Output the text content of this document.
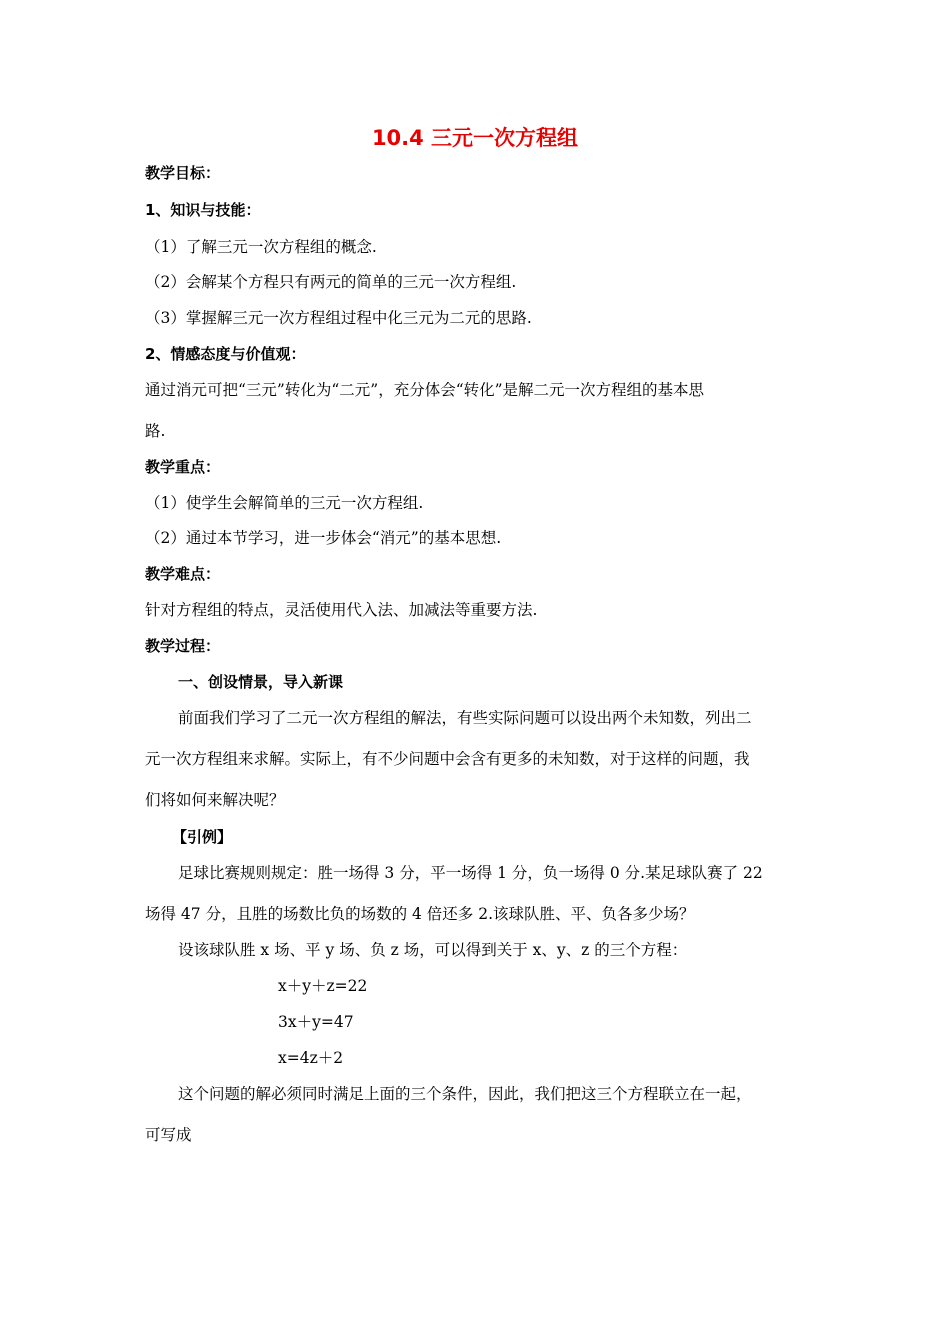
10.4 三元一次方程组
教学目标：
1、知识与技能：
（1）了解三元一次方程组的概念.
（2）会解某个方程只有两元的简单的三元一次方程组.
（3）掌握解三元一次方程组过程中化三元为二元的思路.
2、情感态度与价值观：
通过消元可把“三元”转化为“二元”，充分体会“转化”是解二元一次方程组的基本思
路.
教学重点：
（1）使学生会解简单的三元一次方程组.
（2）通过本节学习，进一步体会“消元”的基本思想.
教学难点：
针对方程组的特点，灵活使用代入法、加减法等重要方法.
教学过程：
一、创设情景，导入新课
前面我们学习了二元一次方程组的解法，有些实际问题可以设出两个未知数，列出二
元一次方程组来求解。实际上，有不少问题中会含有更多的未知数，对于这样的问题，我
们将如何来解决呢？
【引例】
足球比赛规则规定：胜一场得 3 分，平一场得 1 分，负一场得 0 分.某足球队赛了 22
场得 47 分，且胜的场数比负的场数的 4 倍还多 2.该球队胜、平、负各多少场？
设该球队胜 x 场、平 y 场、负 z 场，可以得到关于 x、y、z 的三个方程：
x＋y＋z=22
3x＋y=47
x=4z＋2
这个问题的解必须同时满足上面的三个条件，因此，我们把这三个方程联立在一起，
可写成
